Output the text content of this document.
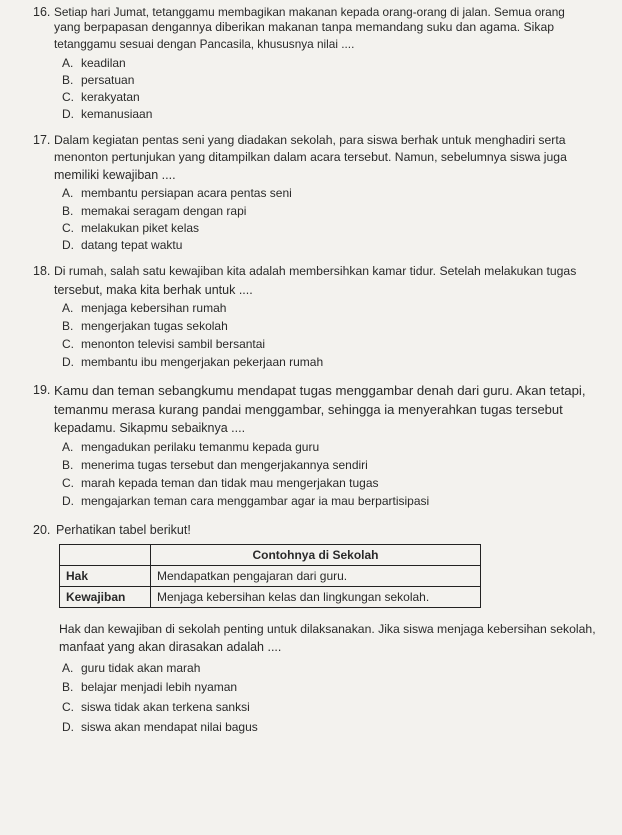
16. Setiap hari Jumat, tetanggamu membagikan makanan kepada orang-orang di jalan. Semua orang
yang berpapasan dengannya diberikan makanan tanpa memandang suku dan agama. Sikap
tetanggamu sesuai dengan Pancasila, khususnya nilai ....
A. keadilan
B. persatuan
C. kerakyatan
D. kemanusiaan
17. Dalam kegiatan pentas seni yang diadakan sekolah, para siswa berhak untuk menghadiri serta
menonton pertunjukan yang ditampilkan dalam acara tersebut. Namun, sebelumnya siswa juga
memiliki kewajiban ....
A. membantu persiapan acara pentas seni
B. memakai seragam dengan rapi
C. melakukan piket kelas
D. datang tepat waktu
18. Di rumah, salah satu kewajiban kita adalah membersihkan kamar tidur. Setelah melakukan tugas
tersebut, maka kita berhak untuk ....
A. menjaga kebersihan rumah
B. mengerjakan tugas sekolah
C. menonton televisi sambil bersantai
D. membantu ibu mengerjakan pekerjaan rumah
19. Kamu dan teman sebangkumu mendapat tugas menggambar denah dari guru. Akan tetapi,
temanmu merasa kurang pandai menggambar, sehingga ia menyerahkan tugas tersebut
kepadamu. Sikapmu sebaiknya ....
A. mengadukan perilaku temanmu kepada guru
B. menerima tugas tersebut dan mengerjakannya sendiri
C. marah kepada teman dan tidak mau mengerjakan tugas
D. mengajarkan teman cara menggambar agar ia mau berpartisipasi
20. Perhatikan tabel berikut!
	Contohnya di Sekolah
Hak	Mendapatkan pengajaran dari guru.
Kewajiban	Menjaga kebersihan kelas dan lingkungan sekolah.
Hak dan kewajiban di sekolah penting untuk dilaksanakan. Jika siswa menjaga kebersihan sekolah,
manfaat yang akan dirasakan adalah ....
A. guru tidak akan marah
B. belajar menjadi lebih nyaman
C. siswa tidak akan terkena sanksi
D. siswa akan mendapat nilai bagus
